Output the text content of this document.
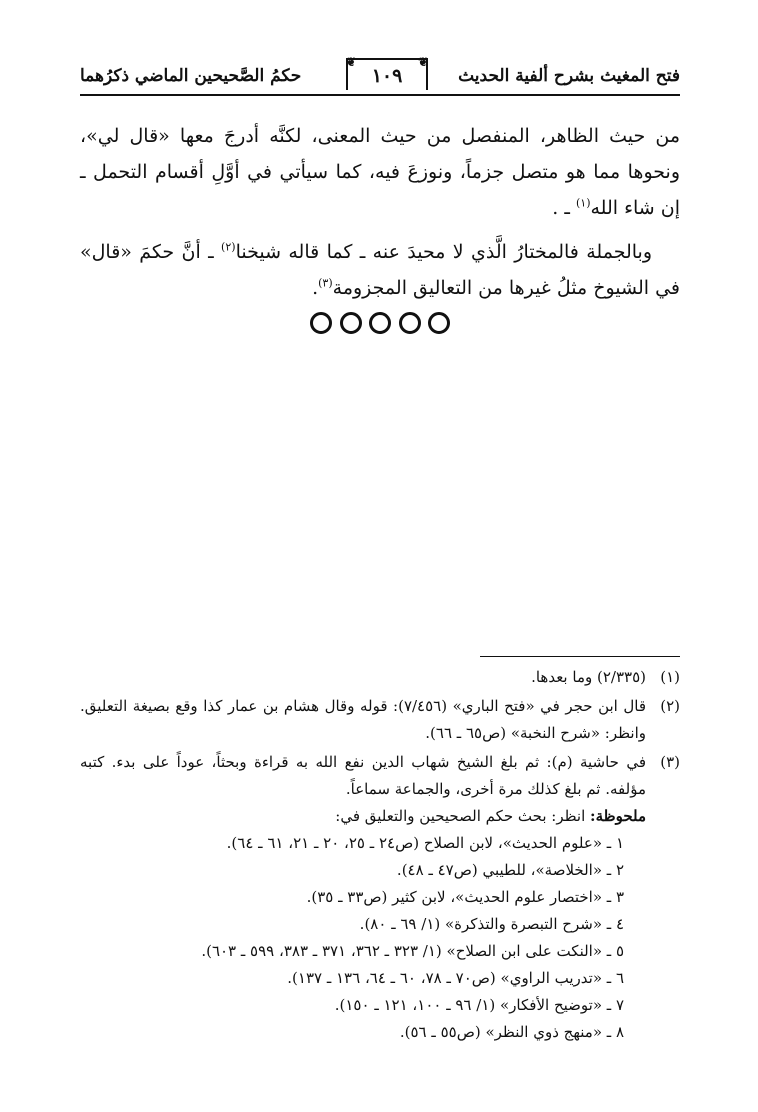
فتح المغيث بشرح ألفية الحديث
❦
❦
١٠٩
حكمُ الصَّحيحين الماضي ذكرُهما

من حيث الظاهر، المنفصل من حيث المعنى، لكنَّه أدرجَ معها «قال لي»، ونحوها مما هو متصل جزماً، ونوزعَ فيه، كما سيأتي في أوَّلِ أقسام التحمل ـ إن شاء الله$^{(١)}$ ـ .

وبالجملة فالمختارُ الَّذي لا محيدَ عنه ـ كما قاله شيخنا$^{(٢)}$ ـ أنَّ حكمَ «قال» في الشيوخ مثلُ غيرها من التعاليق المجزومة$^{(٣)}$.

(١)
(٢/٣٣٥) وما بعدها.
(٢)
قال ابن حجر في «فتح الباري» (٧/٤٥٦): قوله وقال هشام بن عمار كذا وقع بصيغة التعليق. وانظر: «شرح النخبة» (ص٦٥ ـ ٦٦).
(٣)
في حاشية (م): ثم بلغ الشيخ شهاب الدين نفع الله به قراءة وبحثاً، عوداً على بدء. كتبه مؤلفه. ثم بلغ كذلك مرة أخرى، والجماعة سماعاً.
ملحوظة: انظر: بحث حكم الصحيحين والتعليق في:
١ ـ «علوم الحديث»، لابن الصلاح (ص٢٤ ـ ٢٥، ٢٠ ـ ٢١، ٦١ ـ ٦٤).
٢ ـ «الخلاصة»، للطيبي (ص٤٧ ـ ٤٨).
٣ ـ «اختصار علوم الحديث»، لابن كثير (ص٣٣ ـ ٣٥).
٤ ـ «شرح التبصرة والتذكرة» (١/ ٦٩ ـ ٨٠).
٥ ـ «النكت على ابن الصلاح» (١/ ٣٢٣ ـ ٣٦٢، ٣٧١ ـ ٣٨٣، ٥٩٩ ـ ٦٠٣).
٦ ـ «تدريب الراوي» (ص٧٠ ـ ٧٨، ٦٠ ـ ٦٤، ١٣٦ ـ ١٣٧).
٧ ـ «توضيح الأفكار» (١/ ٩٦ ـ ١٠٠، ١٢١ ـ ١٥٠).
٨ ـ «منهج ذوي النظر» (ص٥٥ ـ ٥٦).
